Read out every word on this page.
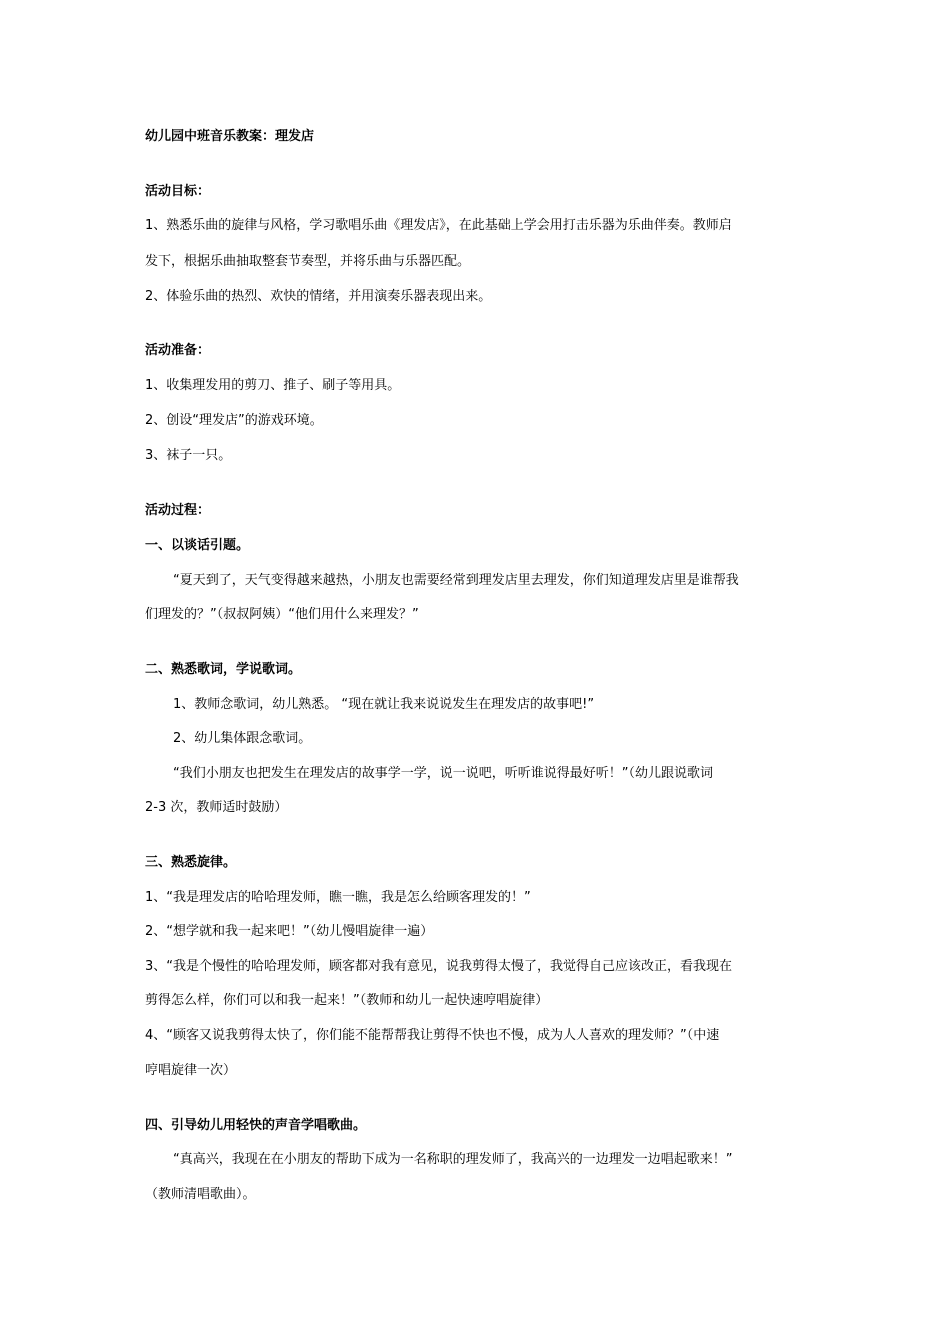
幼儿园中班音乐教案：理发店
活动目标：
1、熟悉乐曲的旋律与风格，学习歌唱乐曲《理发店》，在此基础上学会用打击乐器为乐曲伴奏。教师启
发下，根据乐曲抽取整套节奏型，并将乐曲与乐器匹配。
2、体验乐曲的热烈、欢快的情绪，并用演奏乐器表现出来。
活动准备：
1、收集理发用的剪刀、推子、刷子等用具。
2、创设“理发店”的游戏环境。
3、袜子一只。
活动过程：
一、以谈话引题。
“夏天到了，天气变得越来越热，小朋友也需要经常到理发店里去理发，你们知道理发店里是谁帮我
们理发的？”（叔叔阿姨）“他们用什么来理发？”
二、熟悉歌词，学说歌词。
1、教师念歌词，幼儿熟悉。 “现在就让我来说说发生在理发店的故事吧!”
2、幼儿集体跟念歌词。
“我们小朋友也把发生在理发店的故事学一学，说一说吧，听听谁说得最好听！”（幼儿跟说歌词
2-3 次，教师适时鼓励）
三、熟悉旋律。
1、“我是理发店的哈哈理发师，瞧一瞧，我是怎么给顾客理发的！”
2、“想学就和我一起来吧！”（幼儿慢唱旋律一遍）
3、“我是个慢性的哈哈理发师，顾客都对我有意见，说我剪得太慢了，我觉得自己应该改正，看我现在
剪得怎么样，你们可以和我一起来！”（教师和幼儿一起快速哼唱旋律）
4、“顾客又说我剪得太快了，你们能不能帮帮我让剪得不快也不慢，成为人人喜欢的理发师？”（中速
哼唱旋律一次）
四、引导幼儿用轻快的声音学唱歌曲。
“真高兴，我现在在小朋友的帮助下成为一名称职的理发师了，我高兴的一边理发一边唱起歌来！”
（教师清唱歌曲）。
